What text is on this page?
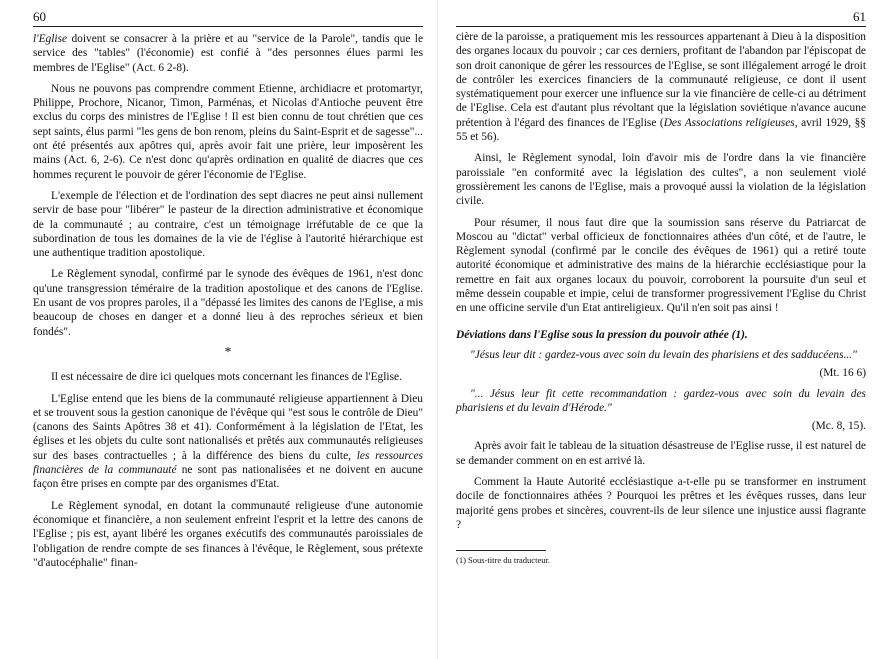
60

l'Eglise doivent se consacrer à la prière et au "service de la Parole", tandis que le service des "tables" (l'économie) est confié à "des personnes élues parmi les membres de l'Eglise" (Act. 6 2-8).

Nous ne pouvons pas comprendre comment Etienne, archidiacre et protomartyr, Philippe, Prochore, Nicanor, Timon, Parménas, et Nicolas d'Antioche peuvent être exclus du corps des ministres de l'Eglise ! Il est bien connu de tout chrétien que ces sept saints, élus parmi "les gens de bon renom, pleins du Saint-Esprit et de sagesse"... ont été présentés aux apôtres qui, après avoir fait une prière, leur imposèrent les mains (Act. 6, 2-6). Ce n'est donc qu'après ordination en qualité de diacres que ces hommes reçurent le pouvoir de gérer l'économie de l'Eglise.

L'exemple de l'élection et de l'ordination des sept diacres ne peut ainsi nullement servir de base pour "libérer" le pasteur de la direction administrative et économique de la communauté ; au contraire, c'est un témoignage irréfutable de ce que la subordination de tous les domaines de la vie de l'église à l'autorité hiérarchique est une authentique tradition apostolique.

Le Règlement synodal, confirmé par le synode des évêques de 1961, n'est donc qu'une transgression téméraire de la tradition apostolique et des canons de l'Eglise. En usant de vos propres paroles, il a "dépassé les limites des canons de l'Eglise, a mis beaucoup de choses en danger et a donné lieu à des reproches sérieux et bien fondés".

*

Il est nécessaire de dire ici quelques mots concernant les finances de l'Eglise.

L'Eglise entend que les biens de la communauté religieuse appartiennent à Dieu et se trouvent sous la gestion canonique de l'évêque qui "est sous le contrôle de Dieu" (canons des Saints Apôtres 38 et 41). Conformément à la législation de l'Etat, les églises et les objets du culte sont nationalisés et prêtés aux communautés religieuses sur des bases contractuelles ; à la différence des biens du culte, les ressources financières de la communauté ne sont pas nationalisées et ne doivent en aucune façon être prises en compte par des organismes d'Etat.

Le Règlement synodal, en dotant la communauté religieuse d'une autonomie économique et financière, a non seulement enfreint l'esprit et la lettre des canons de l'Eglise ; pis est, ayant libéré les organes exécutifs des communautés paroissiales de l'obligation de rendre compte de ses finances à l'évêque, le Règlement, sous prétexte "d'autocéphalie" finan-

61

cière de la paroisse, a pratiquement mis les ressources appartenant à Dieu à la disposition des organes locaux du pouvoir ; car ces derniers, profitant de l'abandon par l'épiscopat de son droit canonique de gérer les ressources de l'Eglise, se sont illégalement arrogé le droit de contrôler les exercices financiers de la communauté religieuse, ce dont il usent systématiquement pour exercer une influence sur la vie financière de celle-ci au détriment de l'Eglise. Cela est d'autant plus révoltant que la législation soviétique n'avance aucune prétention à l'égard des finances de l'Eglise (Des Associations religieuses, avril 1929, §§ 55 et 56).

Ainsi, le Règlement synodal, loin d'avoir mis de l'ordre dans la vie financière paroissiale "en conformité avec la législation des cultes", a non seulement violé grossièrement les canons de l'Eglise, mais a provoqué aussi la violation de la législation civile.

Pour résumer, il nous faut dire que la soumission sans réserve du Patriarcat de Moscou au "dictat" verbal officieux de fonctionnaires athées d'un côté, et de l'autre, le Règlement synodal (confirmé par le concile des évêques de 1961) qui a retiré toute autorité économique et administrative des mains de la hiérarchie ecclésiastique pour la remettre en fait aux organes locaux du pouvoir, corroborent la poursuite d'un seul et même dessein coupable et impie, celui de transformer progressivement l'Eglise du Christ en une officine servile d'un Etat antireligieux. Qu'il n'en soit pas ainsi !

Déviations dans l'Eglise sous la pression du pouvoir athée (1).

"Jésus leur dit : gardez-vous avec soin du levain des pharisiens et des sadducéens..."

(Mt. 16 6)

"... Jésus leur fit cette recommandation : gardez-vous avec soin du levain des pharisiens et du levain d'Hérode."

(Mc. 8, 15).

Après avoir fait le tableau de la situation désastreuse de l'Eglise russe, il est naturel de se demander comment on en est arrivé là.

Comment la Haute Autorité ecclésiastique a-t-elle pu se transformer en instrument docile de fonctionnaires athées ? Pourquoi les prêtres et les évêques russes, dans leur majorité gens probes et sincères, couvrent-ils de leur silence une injustice aussi flagrante ?

(1) Sous-titre du traducteur.
